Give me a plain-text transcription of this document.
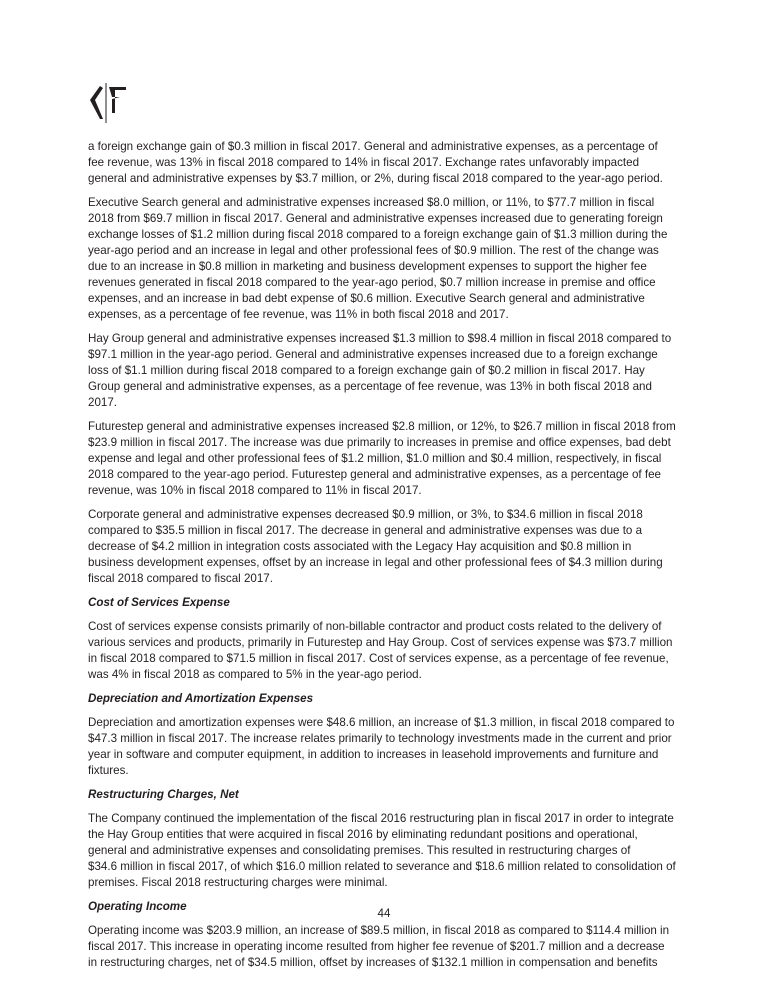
a foreign exchange gain of $0.3 million in fiscal 2017. General and administrative expenses, as a percentage of
fee revenue, was 13% in fiscal 2018 compared to 14% in fiscal 2017. Exchange rates unfavorably impacted
general and administrative expenses by $3.7 million, or 2%, during fiscal 2018 compared to the year-ago period.
Executive Search general and administrative expenses increased $8.0 million, or 11%, to $77.7 million in fiscal
2018 from $69.7 million in fiscal 2017. General and administrative expenses increased due to generating foreign
exchange losses of $1.2 million during fiscal 2018 compared to a foreign exchange gain of $1.3 million during the
year-ago period and an increase in legal and other professional fees of $0.9 million. The rest of the change was
due to an increase in $0.8 million in marketing and business development expenses to support the higher fee
revenues generated in fiscal 2018 compared to the year-ago period, $0.7 million increase in premise and office
expenses, and an increase in bad debt expense of $0.6 million. Executive Search general and administrative
expenses, as a percentage of fee revenue, was 11% in both fiscal 2018 and 2017.
Hay Group general and administrative expenses increased $1.3 million to $98.4 million in fiscal 2018 compared to
$97.1 million in the year-ago period. General and administrative expenses increased due to a foreign exchange
loss of $1.1 million during fiscal 2018 compared to a foreign exchange gain of $0.2 million in fiscal 2017. Hay
Group general and administrative expenses, as a percentage of fee revenue, was 13% in both fiscal 2018 and
2017.
Futurestep general and administrative expenses increased $2.8 million, or 12%, to $26.7 million in fiscal 2018 from
$23.9 million in fiscal 2017. The increase was due primarily to increases in premise and office expenses, bad debt
expense and legal and other professional fees of $1.2 million, $1.0 million and $0.4 million, respectively, in fiscal
2018 compared to the year-ago period. Futurestep general and administrative expenses, as a percentage of fee
revenue, was 10% in fiscal 2018 compared to 11% in fiscal 2017.
Corporate general and administrative expenses decreased $0.9 million, or 3%, to $34.6 million in fiscal 2018
compared to $35.5 million in fiscal 2017. The decrease in general and administrative expenses was due to a
decrease of $4.2 million in integration costs associated with the Legacy Hay acquisition and $0.8 million in
business development expenses, offset by an increase in legal and other professional fees of $4.3 million during
fiscal 2018 compared to fiscal 2017.
Cost of Services Expense
Cost of services expense consists primarily of non-billable contractor and product costs related to the delivery of
various services and products, primarily in Futurestep and Hay Group. Cost of services expense was $73.7 million
in fiscal 2018 compared to $71.5 million in fiscal 2017. Cost of services expense, as a percentage of fee revenue,
was 4% in fiscal 2018 as compared to 5% in the year-ago period.
Depreciation and Amortization Expenses
Depreciation and amortization expenses were $48.6 million, an increase of $1.3 million, in fiscal 2018 compared to
$47.3 million in fiscal 2017. The increase relates primarily to technology investments made in the current and prior
year in software and computer equipment, in addition to increases in leasehold improvements and furniture and
fixtures.
Restructuring Charges, Net
The Company continued the implementation of the fiscal 2016 restructuring plan in fiscal 2017 in order to integrate
the Hay Group entities that were acquired in fiscal 2016 by eliminating redundant positions and operational,
general and administrative expenses and consolidating premises. This resulted in restructuring charges of
$34.6 million in fiscal 2017, of which $16.0 million related to severance and $18.6 million related to consolidation of
premises. Fiscal 2018 restructuring charges were minimal.
Operating Income
Operating income was $203.9 million, an increase of $89.5 million, in fiscal 2018 as compared to $114.4 million in
fiscal 2017. This increase in operating income resulted from higher fee revenue of $201.7 million and a decrease
in restructuring charges, net of $34.5 million, offset by increases of $132.1 million in compensation and benefits
44
